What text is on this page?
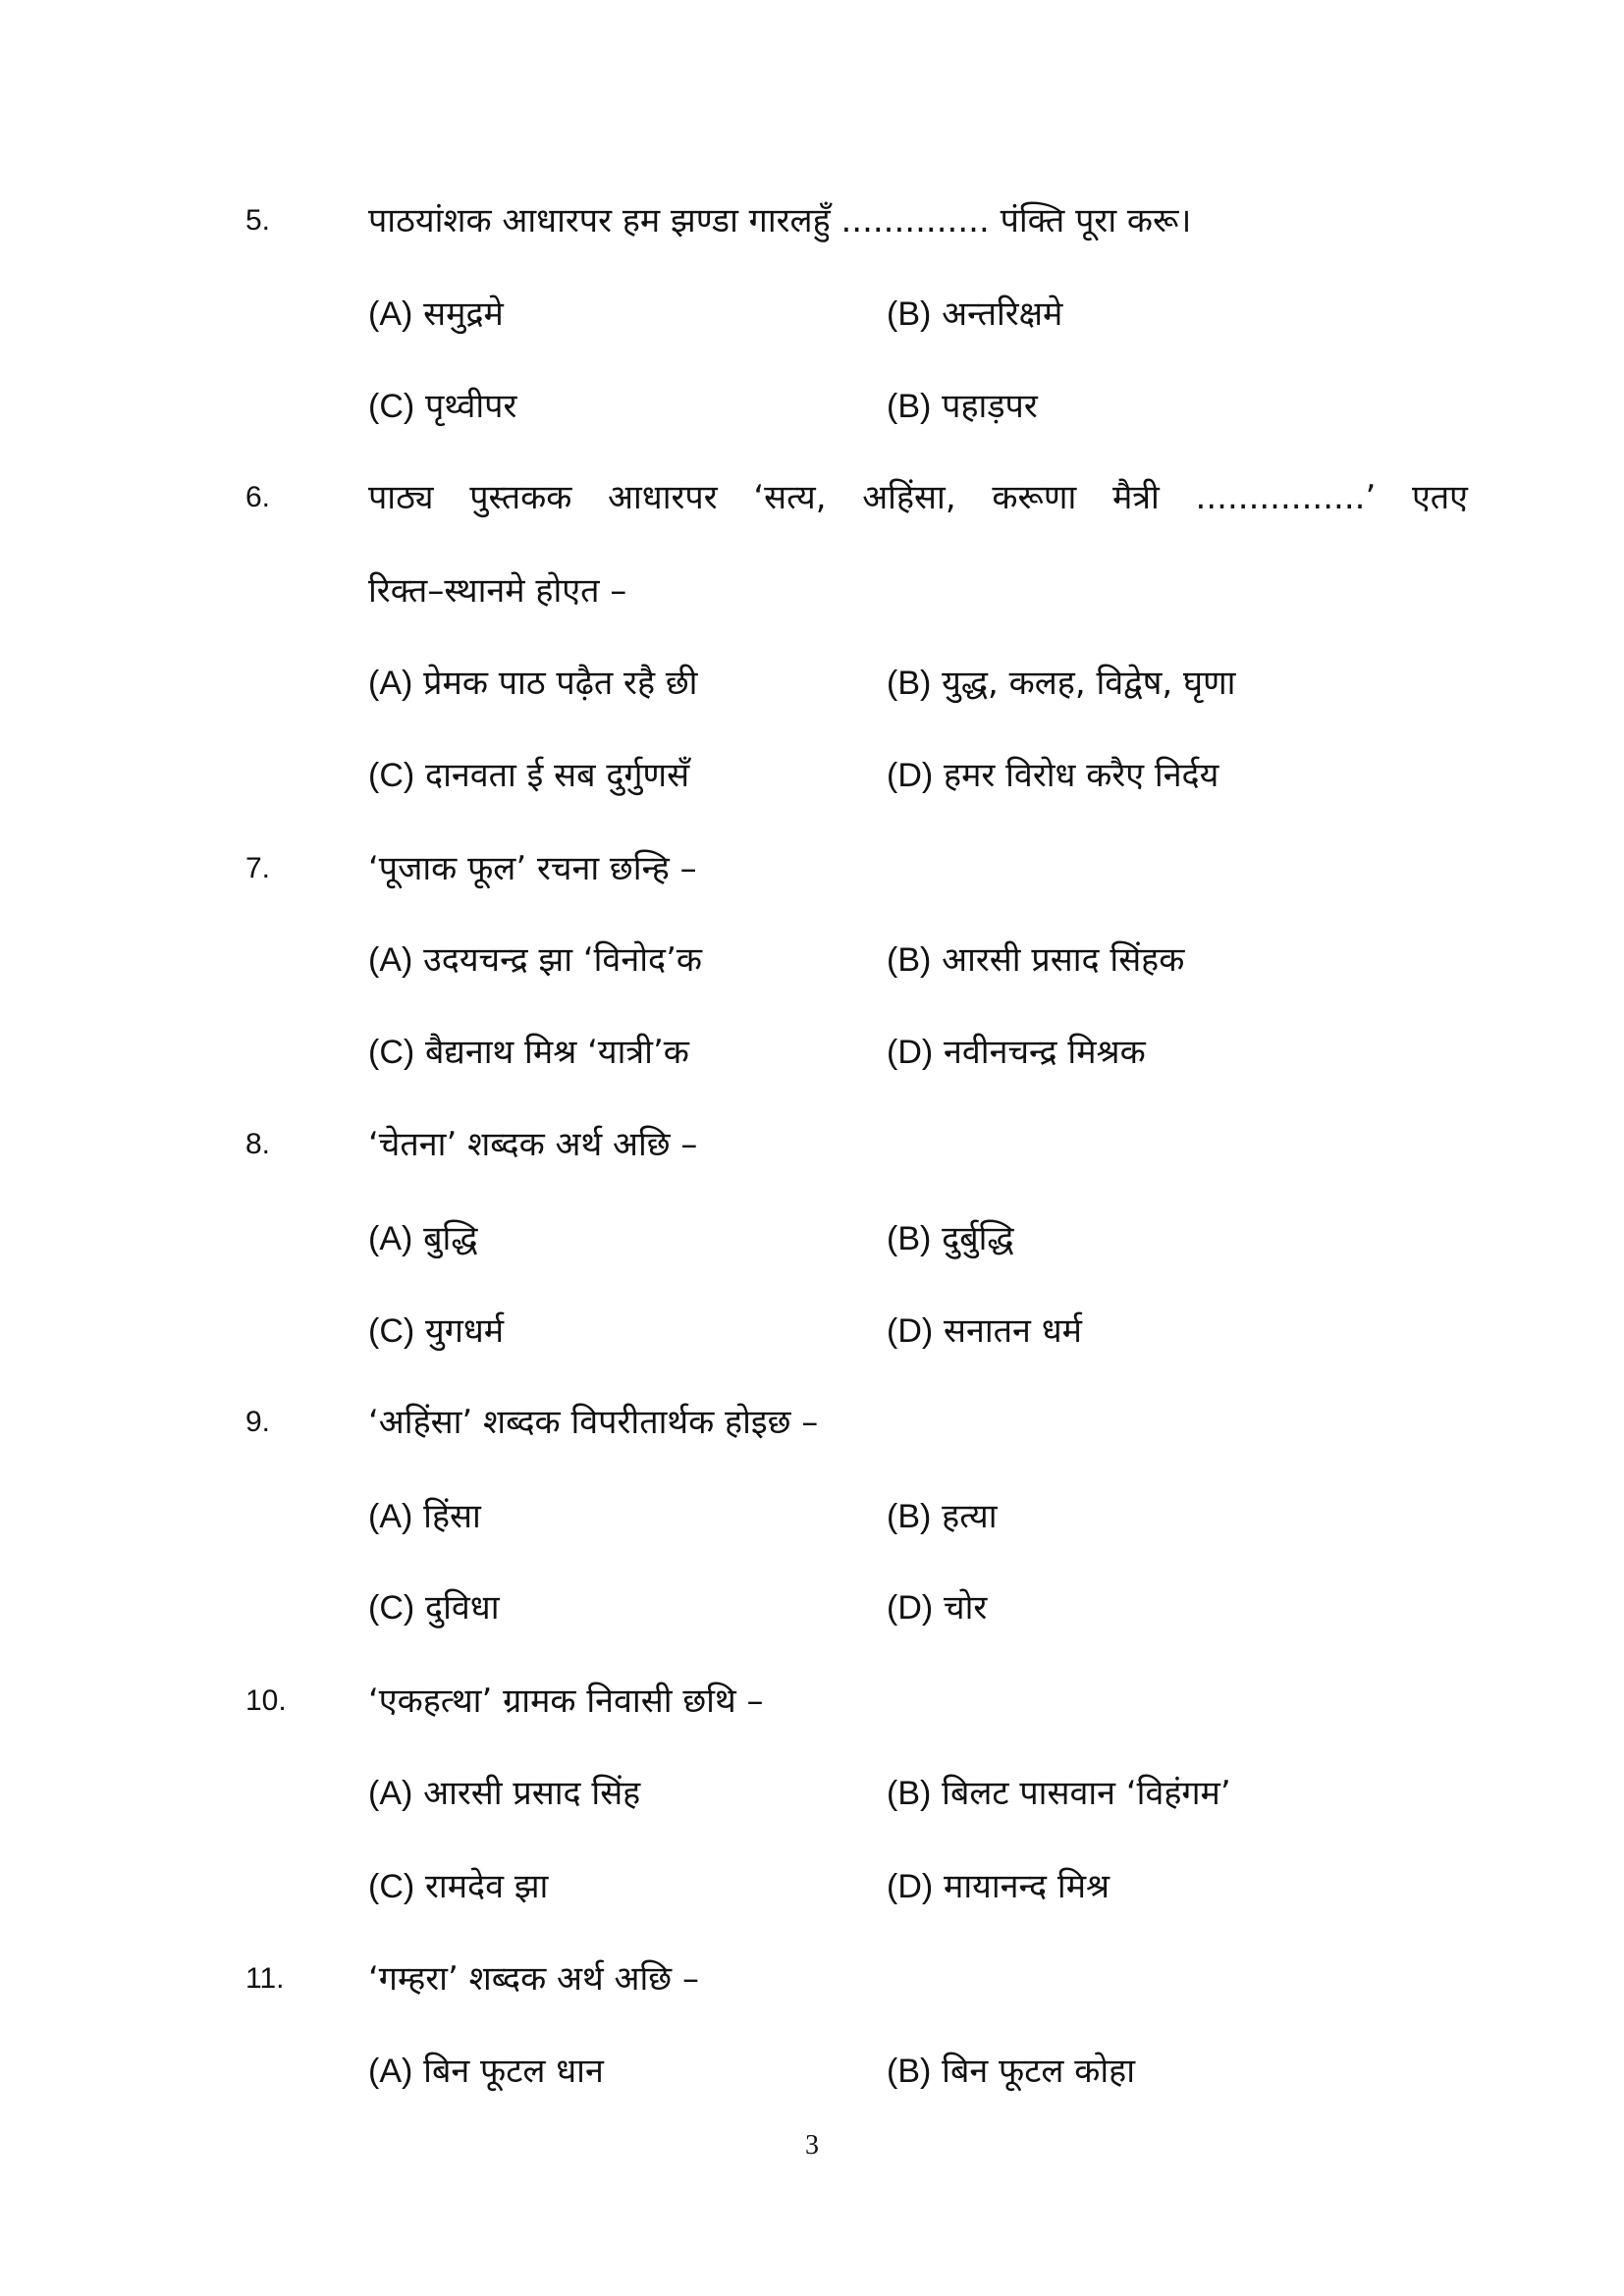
5.	पाठयांशक आधारपर हम झण्डा गारलहुँ .............. पंक्ति पूरा करू।
(A) समुद्रमे	(B) अन्तरिक्षमे
(C) पृथ्वीपर	(B) पहाड़पर
6.	पाठ्य पुस्तकक आधारपर ‘सत्य, अहिंसा, करूणा मैत्री ................’ एतए
रिक्त–स्थानमे होएत –
(A) प्रेमक पाठ पढ़ैत रहै छी	(B) युद्ध, कलह, विद्वेष, घृणा
(C) दानवता ई सब दुर्गुणसँ	(D) हमर विरोध करैए निर्दय
7.	‘पूजाक फूल’ रचना छन्हि –
(A) उदयचन्द्र झा ‘विनोद’क	(B) आरसी प्रसाद सिंहक
(C) बैद्यनाथ मिश्र ‘यात्री’क	(D) नवीनचन्द्र मिश्रक
8.	‘चेतना’ शब्दक अर्थ अछि –
(A) बुद्धि	(B) दुर्बुद्धि
(C) युगधर्म	(D) सनातन धर्म
9.	‘अहिंसा’ शब्दक विपरीतार्थक होइछ –
(A) हिंसा	(B) हत्या
(C) दुविधा	(D) चोर
10. ‘एकहत्था’ ग्रामक निवासी छथि –
(A) आरसी प्रसाद सिंह	(B) बिलट पासवान ‘विहंगम’
(C) रामदेव झा	(D) मायानन्द मिश्र
11.	‘गम्हरा’ शब्दक अर्थ अछि –
(A) बिन फूटल धान	(B) बिन फूटल कोहा
3
